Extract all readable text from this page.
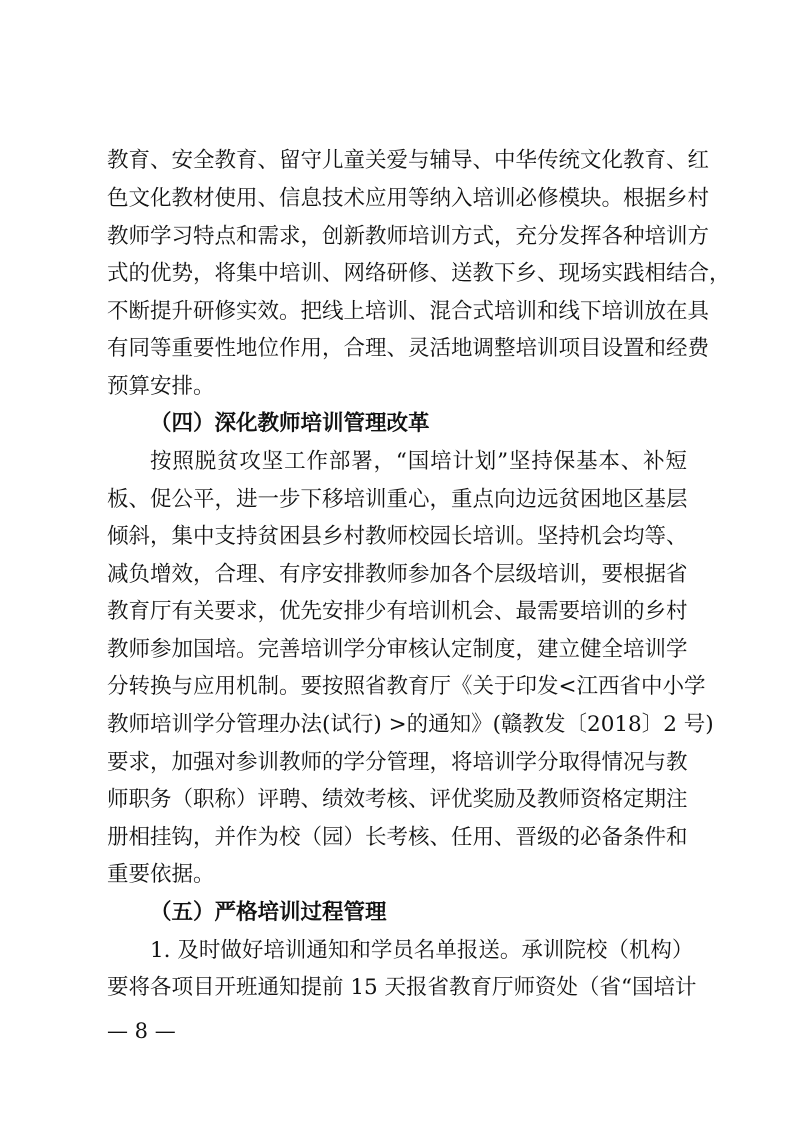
教育、安全教育、留守儿童关爱与辅导、中华传统文化教育、红
色文化教材使用、信息技术应用等纳入培训必修模块。根据乡村
教师学习特点和需求，创新教师培训方式，充分发挥各种培训方
式的优势，将集中培训、网络研修、送教下乡、现场实践相结合，
不断提升研修实效。把线上培训、混合式培训和线下培训放在具
有同等重要性地位作用，合理、灵活地调整培训项目设置和经费
预算安排。
（四）深化教师培训管理改革
按照脱贫攻坚工作部署，“国培计划”坚持保基本、补短
板、促公平，进一步下移培训重心，重点向边远贫困地区基层
倾斜，集中支持贫困县乡村教师校园长培训。坚持机会均等、
减负增效，合理、有序安排教师参加各个层级培训，要根据省
教育厅有关要求，优先安排少有培训机会、最需要培训的乡村
教师参加国培。完善培训学分审核认定制度，建立健全培训学
分转换与应用机制。要按照省教育厅《关于印发<江西省中小学
教师培训学分管理办法(试行) >的通知》(赣教发〔2018〕2 号)
要求，加强对参训教师的学分管理，将培训学分取得情况与教
师职务（职称）评聘、绩效考核、评优奖励及教师资格定期注
册相挂钩，并作为校（园）长考核、任用、晋级的必备条件和
重要依据。
（五）严格培训过程管理
1. 及时做好培训通知和学员名单报送。承训院校（机构）
要将各项目开班通知提前 15 天报省教育厅师资处（省“国培计
— 8 —
